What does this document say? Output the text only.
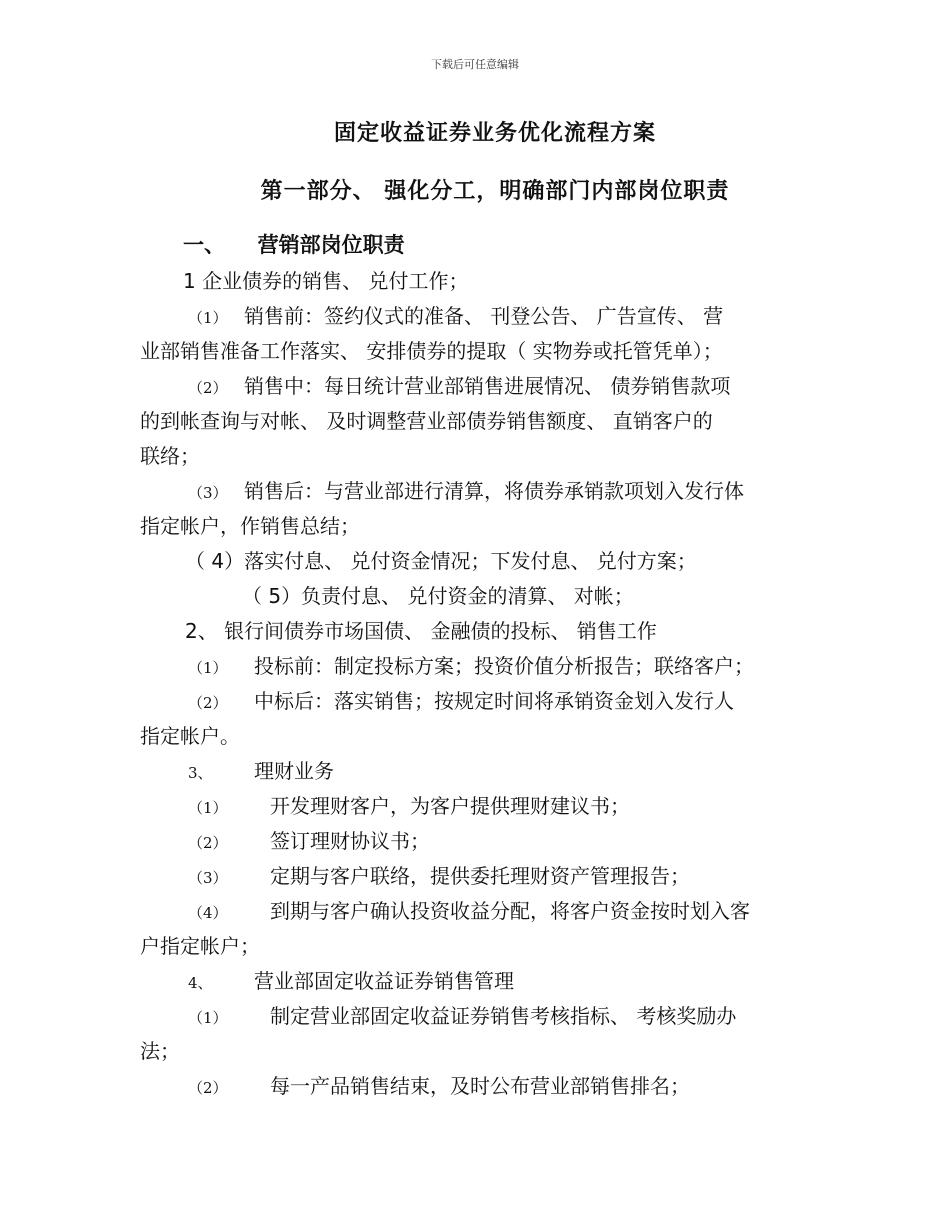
下载后可任意编辑
固定收益证券业务优化流程方案
第一部分、 强化分工，明确部门内部岗位职责
一、 营销部岗位职责
1 企业债券的销售、 兑付工作；
（1） 销售前：签约仪式的准备、 刊登公告、 广告宣传、 营
业部销售准备工作落实、 安排债券的提取（ 实物券或托管凭单）；
（2） 销售中：每日统计营业部销售进展情况、 债券销售款项
的到帐查询与对帐、 及时调整营业部债券销售额度、 直销客户的
联络；
（3） 销售后：与营业部进行清算，将债券承销款项划入发行体
指定帐户，作销售总结；
（ 4）落实付息、 兑付资金情况；下发付息、 兑付方案；
（ 5）负责付息、 兑付资金的清算、 对帐；
2、 银行间债券市场国债、 金融债的投标、 销售工作
（1） 投标前：制定投标方案；投资价值分析报告；联络客户；
（2） 中标后：落实销售；按规定时间将承销资金划入发行人
指定帐户。
3、 理财业务
（1） 开发理财客户，为客户提供理财建议书；
（2） 签订理财协议书；
（3） 定期与客户联络，提供委托理财资产管理报告；
（4） 到期与客户确认投资收益分配，将客户资金按时划入客
户指定帐户；
4、 营业部固定收益证券销售管理
（1） 制定营业部固定收益证券销售考核指标、 考核奖励办
法；
（2） 每一产品销售结束，及时公布营业部销售排名；
